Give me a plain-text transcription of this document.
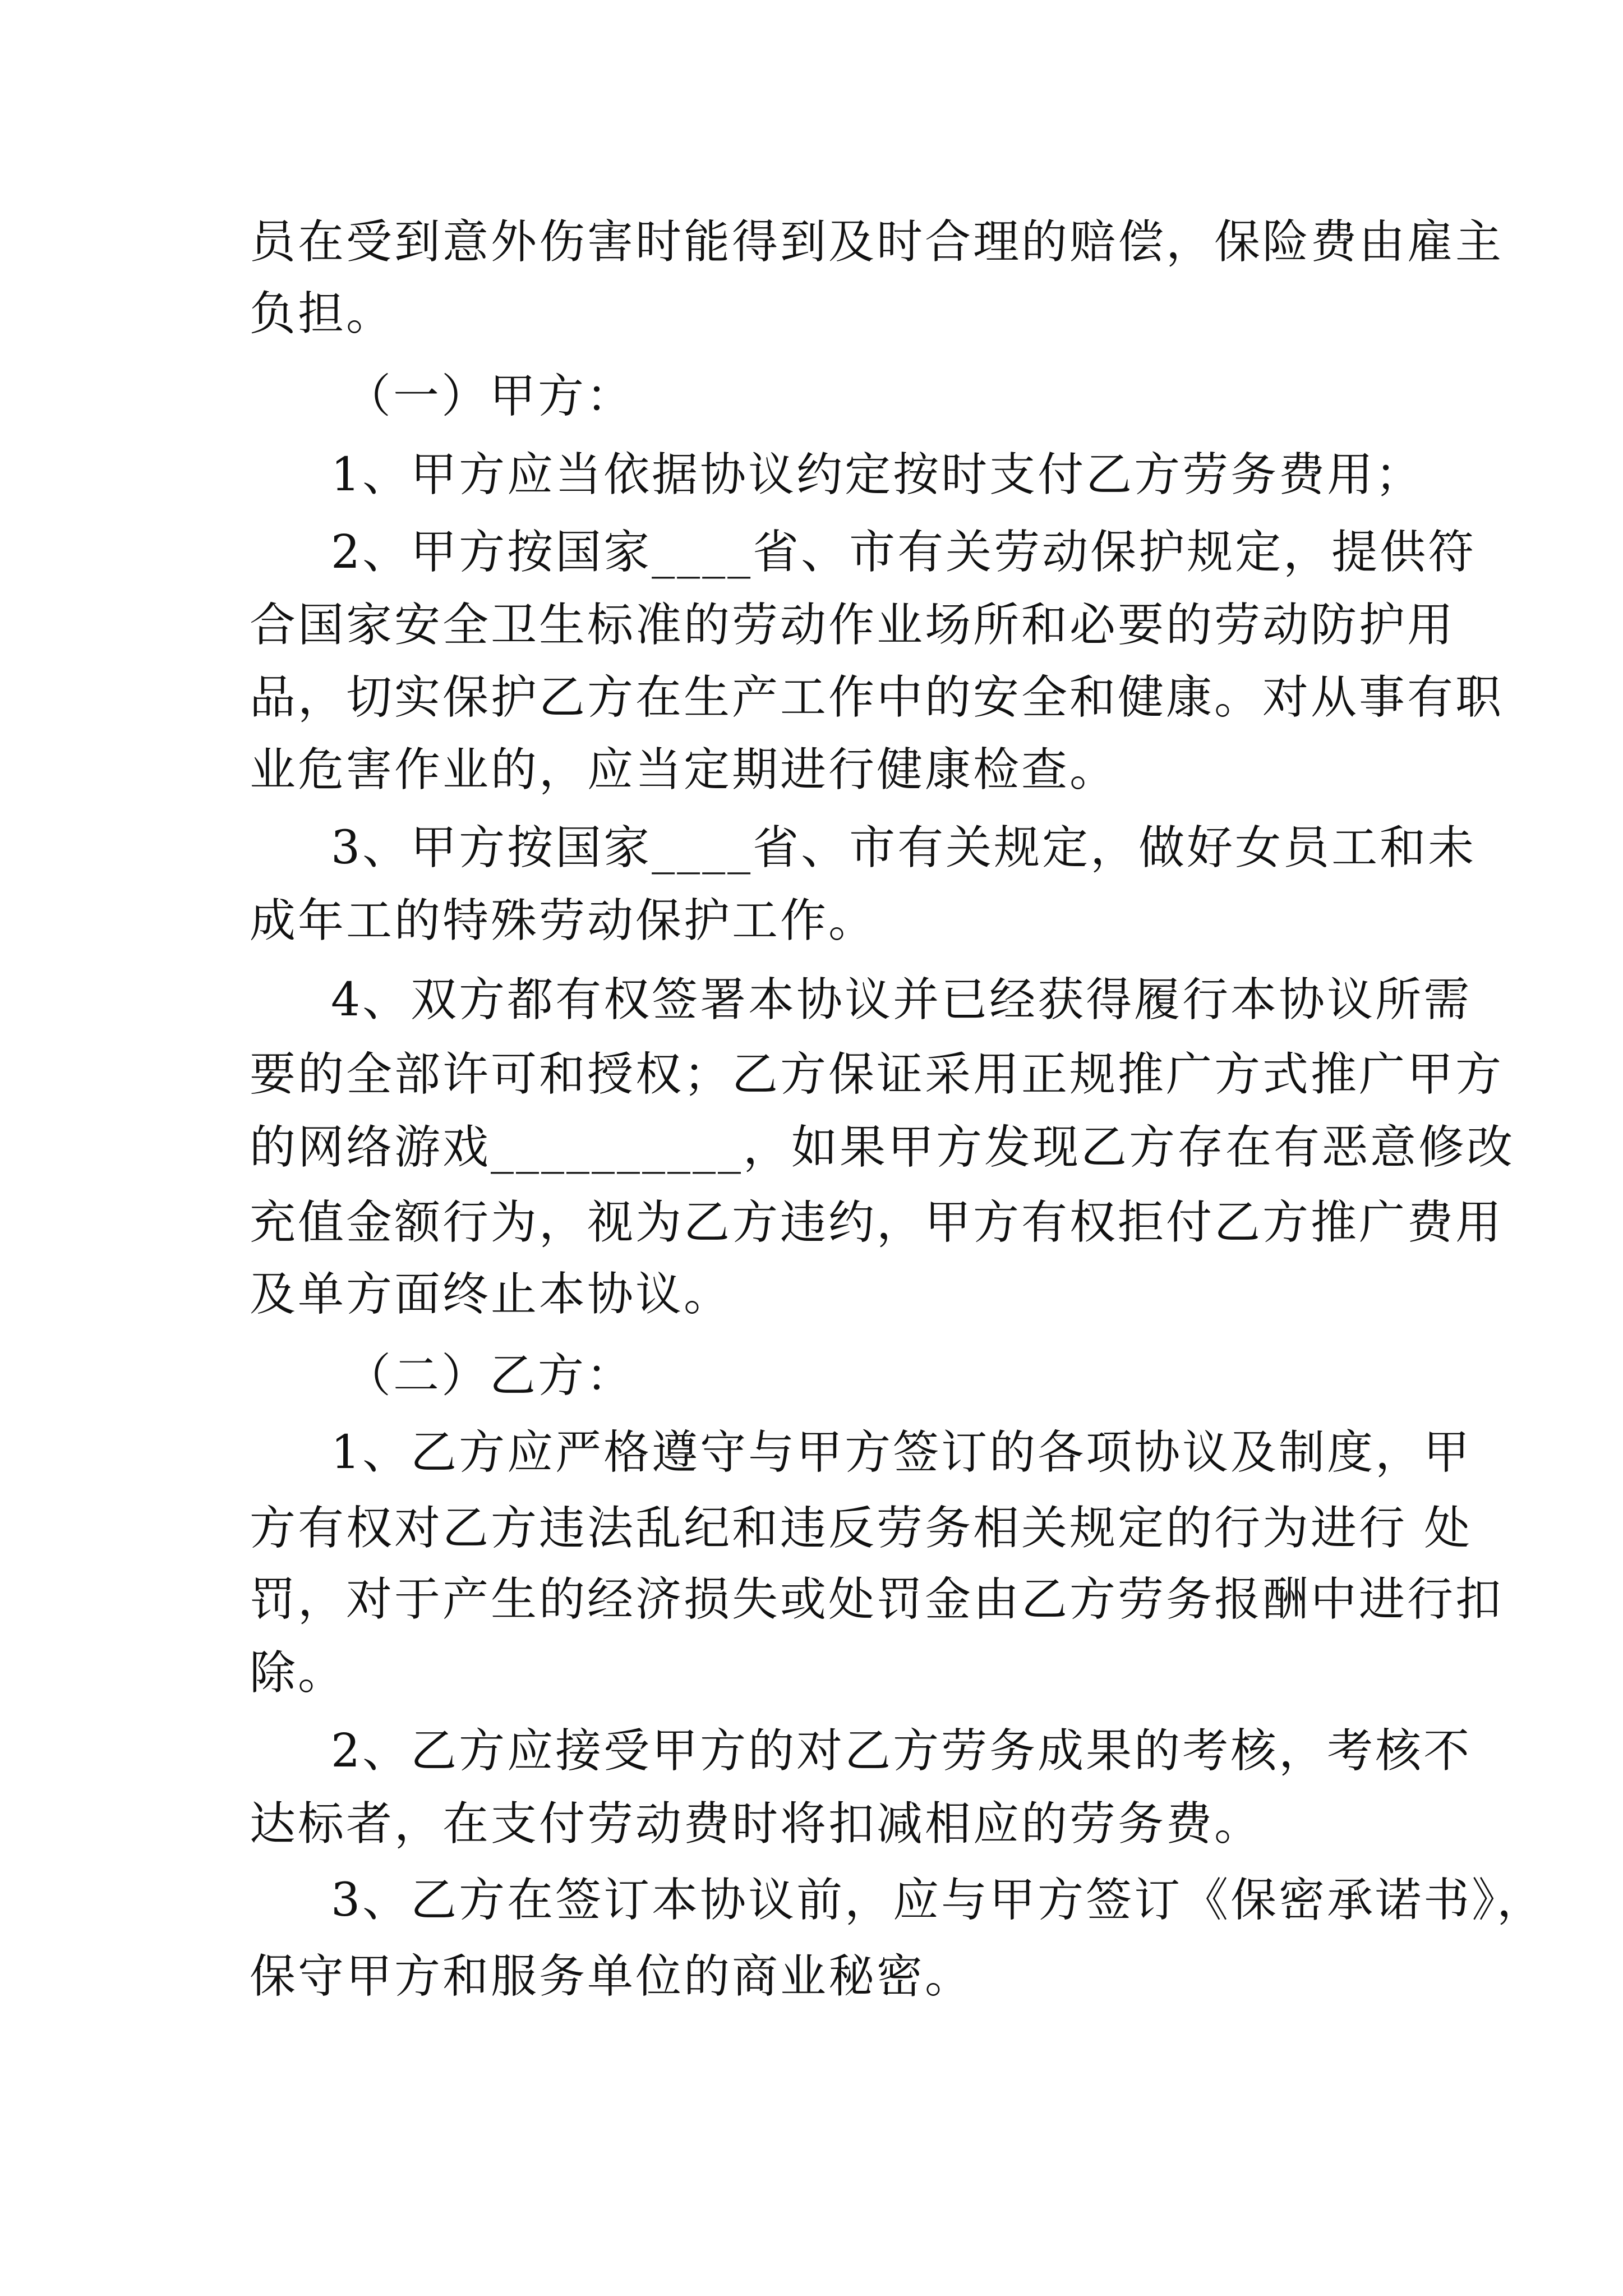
员在受到意外伤害时能得到及时合理的赔偿，保险费由雇主
负担。
（一）甲方：
1、甲方应当依据协议约定按时支付乙方劳务费用；
2、甲方按国家____省、市有关劳动保护规定，提供符
合国家安全卫生标准的劳动作业场所和必要的劳动防护用
品，切实保护乙方在生产工作中的安全和健康。对从事有职
业危害作业的，应当定期进行健康检查。
3、甲方按国家____省、市有关规定，做好女员工和未
成年工的特殊劳动保护工作。
4、双方都有权签署本协议并已经获得履行本协议所需
要的全部许可和授权；乙方保证采用正规推广方式推广甲方
的网络游戏__________，如果甲方发现乙方存在有恶意修改
充值金额行为，视为乙方违约，甲方有权拒付乙方推广费用
及单方面终止本协议。
（二）乙方：
1、乙方应严格遵守与甲方签订的各项协议及制度，甲
方有权对乙方违法乱纪和违反劳务相关规定的行为进行 处
罚，对于产生的经济损失或处罚金由乙方劳务报酬中进行扣
除。
2、乙方应接受甲方的对乙方劳务成果的考核，考核不
达标者，在支付劳动费时将扣减相应的劳务费。
3、乙方在签订本协议前，应与甲方签订《保密承诺书》，
保守甲方和服务单位的商业秘密。
